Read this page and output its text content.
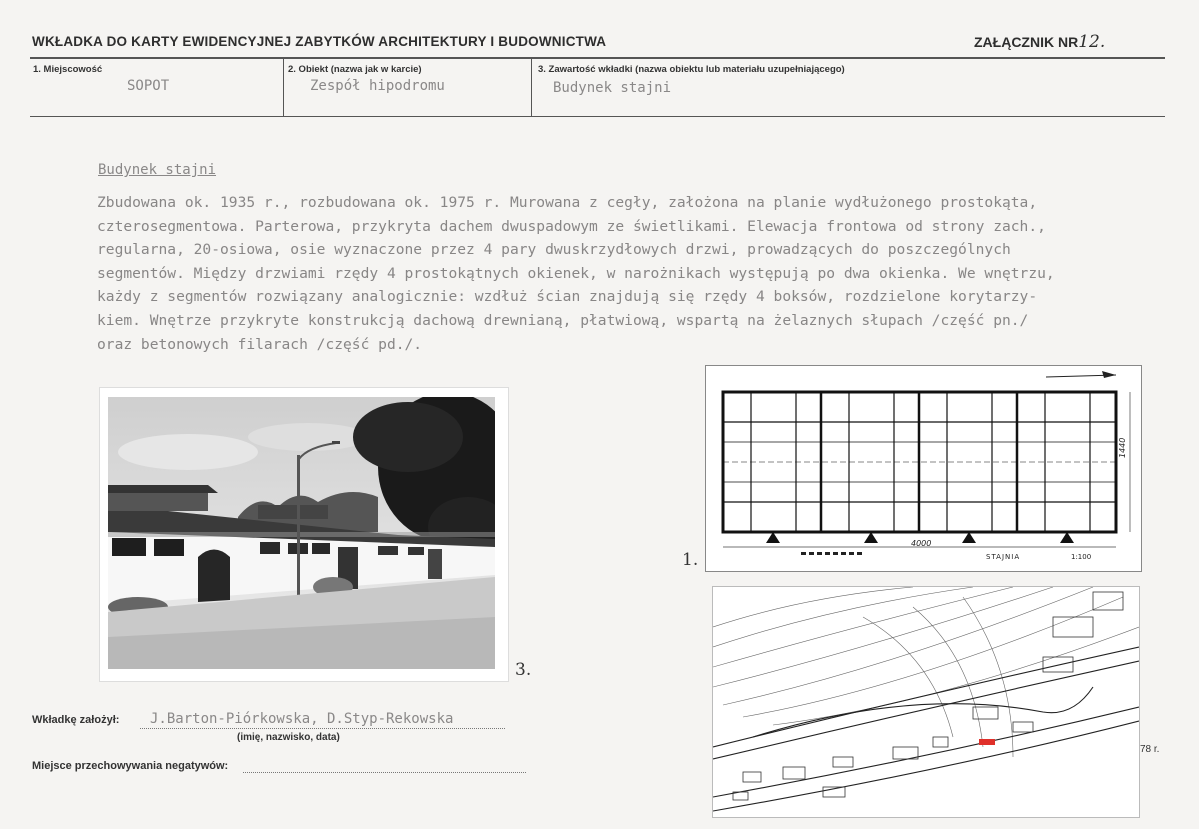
WKŁADKA DO KARTY EWIDENCYJNEJ ZABYTKÓW ARCHITEKTURY I BUDOWNICTWA	ZAŁĄCZNIK NR12.
1. Miejscowość
SOPOT
2. Obiekt (nazwa jak w karcie)
Zespół hipodromu
3. Zawartość wkładki (nazwa obiektu lub materiału uzupełniającego)
Budynek stajni
Budynek stajni
Zbudowana ok. 1935 r., rozbudowana ok. 1975 r. Murowana z cegły, założona na planie wydłużonego prostokąta,
czterosegmentowa. Parterowa, przykryta dachem dwuspadowym ze świetlikami. Elewacja frontowa od strony zach.,
regularna, 20-osiowa, osie wyznaczone przez 4 pary dwuskrzydłowych drzwi, prowadzących do poszczególnych
segmentów. Między drzwiami rzędy 4 prostokątnych okienek, w narożnikach występują po dwa okienka. We wnętrzu,
każdy z segmentów rozwiązany analogicznie: wzdłuż ścian znajdują się rzędy 4 boksów, rozdzielone korytarzy-
kiem. Wnętrze przykryte konstrukcją dachową drewnianą, płatwiową, wspartą na żelaznych słupach /część pn./
oraz betonowych filarach /część pd./.
3.
4000
1440
STAJNIA	1:100
1.
78 r.
Wkładkę założył: J.Barton-Piórkowska, D.Styp-Rekowska
(imię, nazwisko, data)
Miejsce przechowywania negatywów:
